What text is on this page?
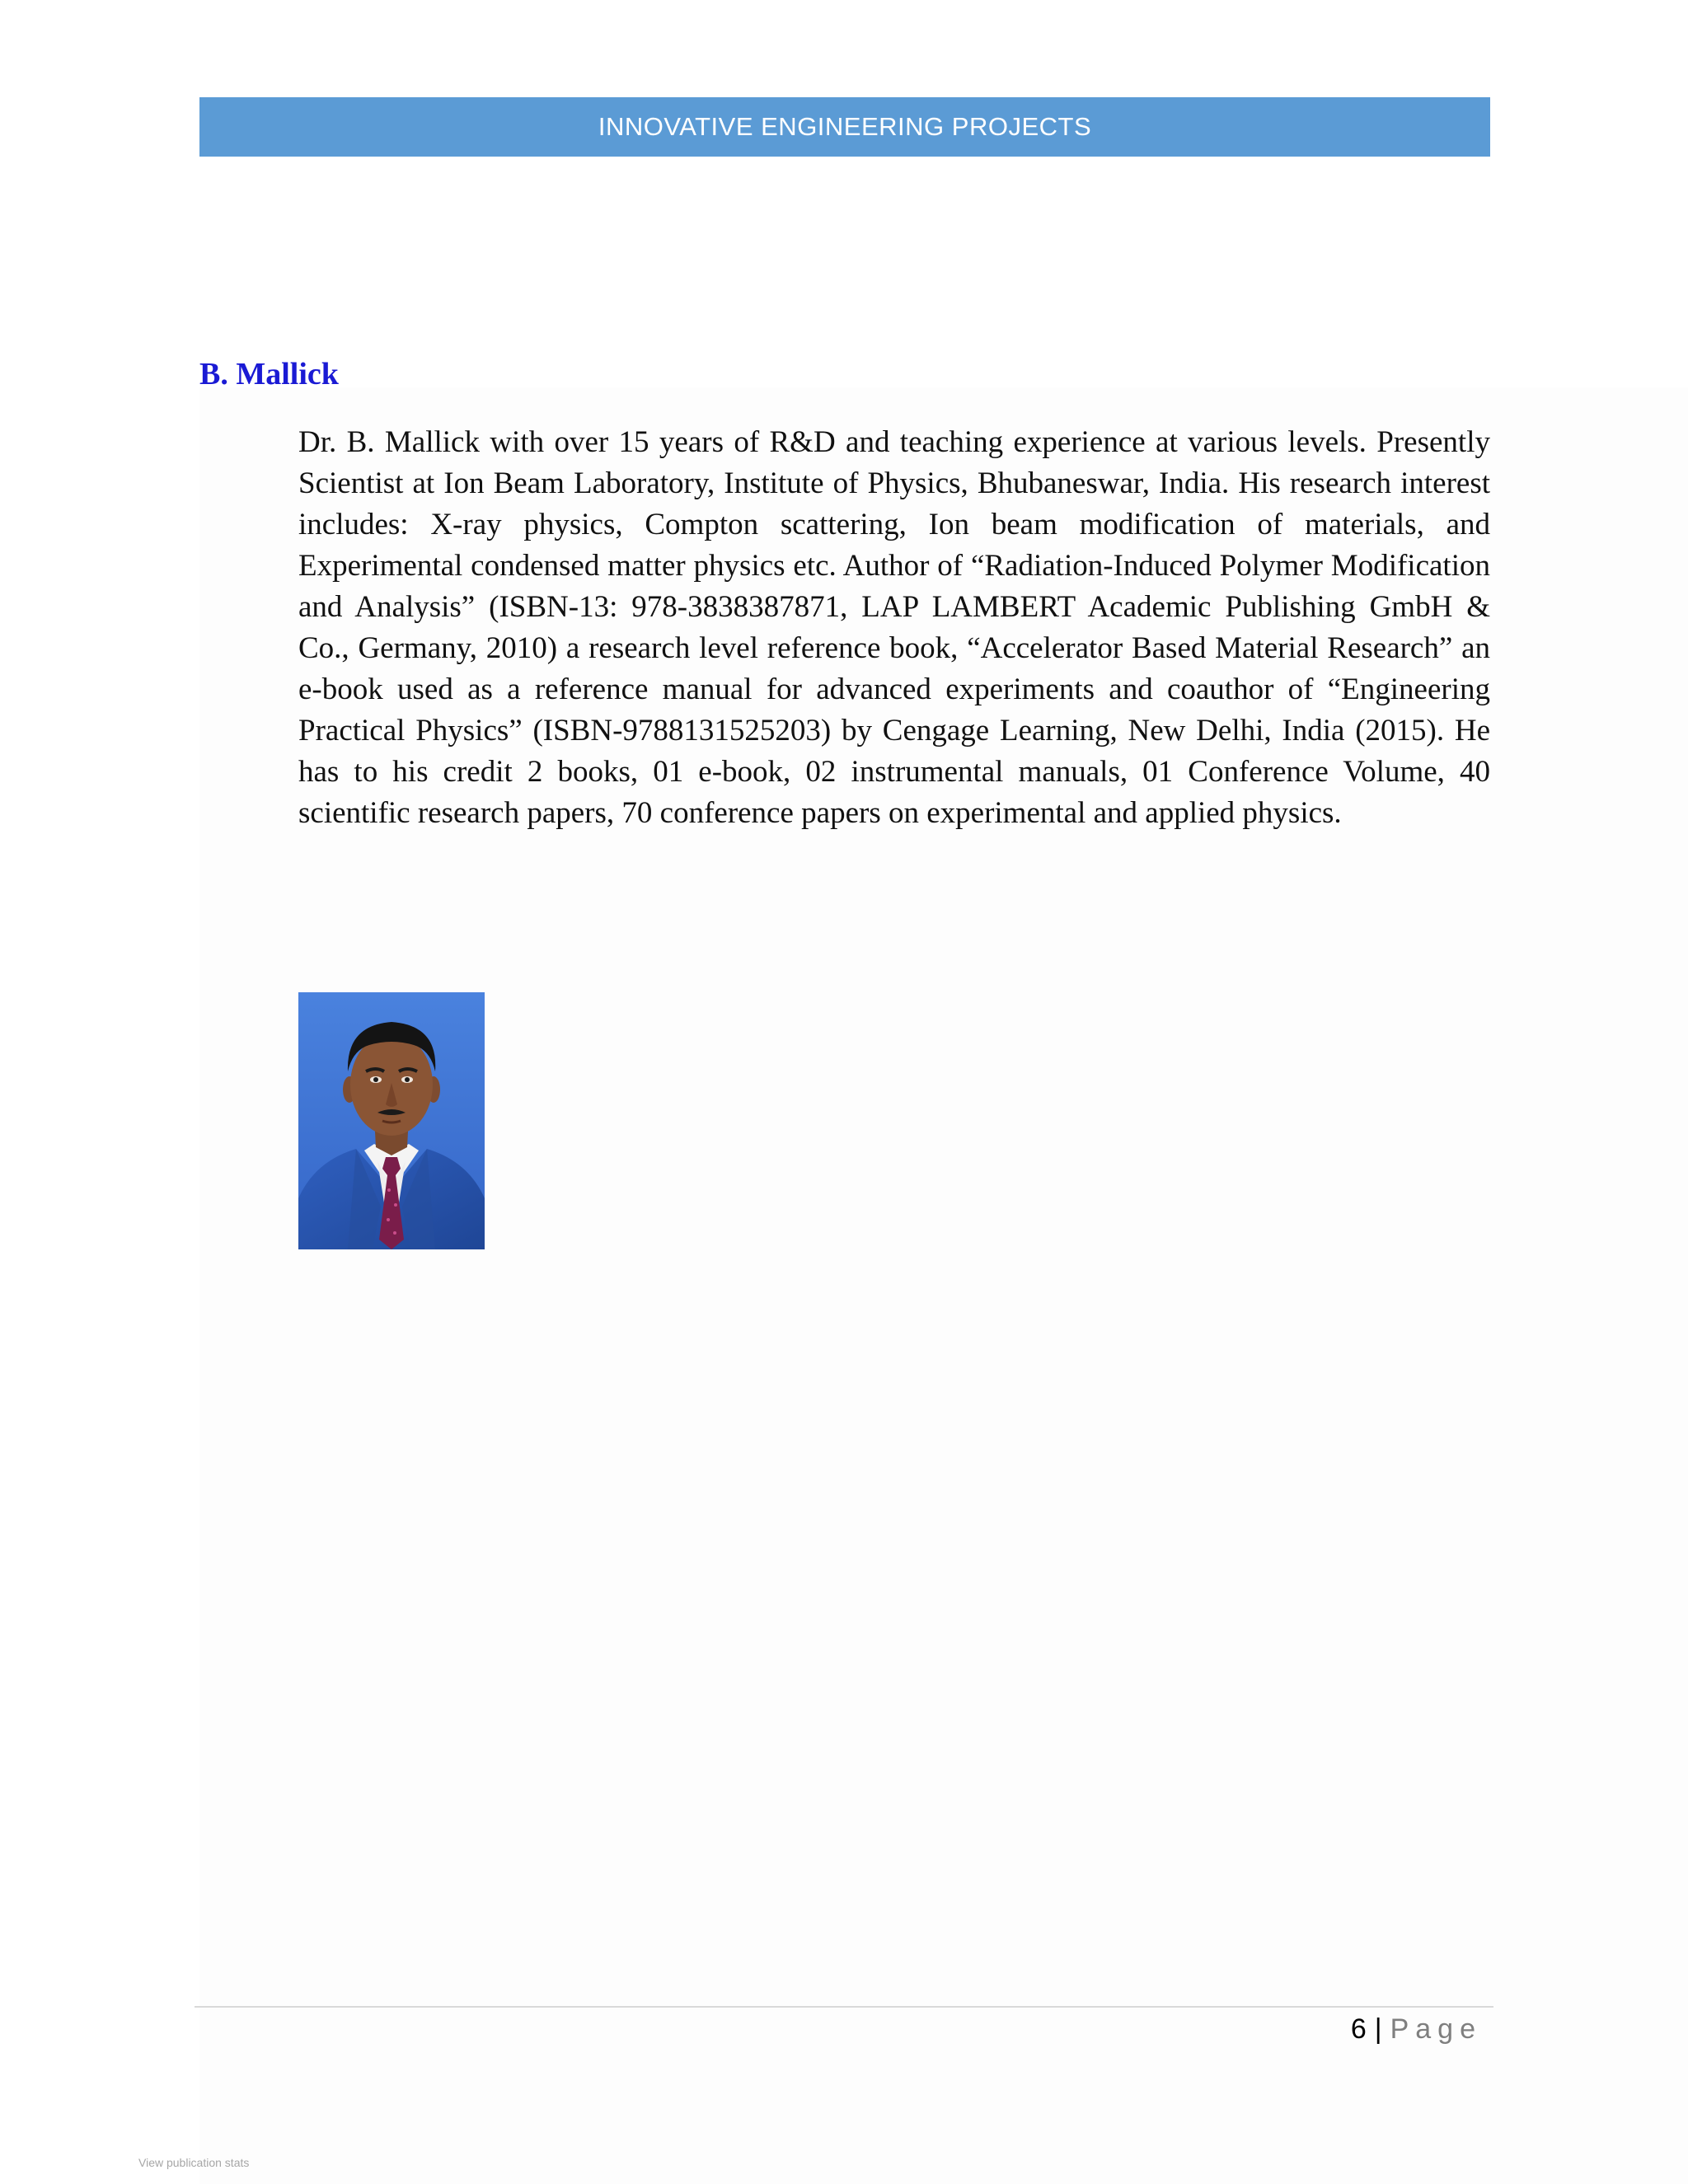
INNOVATIVE ENGINEERING PROJECTS
B. Mallick

Dr. B. Mallick with over 15 years of R&D and teaching experience at various levels. Presently Scientist at Ion Beam Laboratory, Institute of Physics, Bhubaneswar, India. His research interest includes: X-ray physics, Compton scattering, Ion beam modification of materials, and Experimental condensed matter physics etc. Author of “Radiation-Induced Polymer Modification and Analysis” (ISBN-13: 978-3838387871, LAP LAMBERT Academic Publishing GmbH & Co., Germany, 2010) a research level reference book, “Accelerator Based Material Research” an e-book used as a reference manual for advanced experiments and coauthor of “Engineering Practical Physics” (ISBN-9788131525203) by Cengage Learning, New Delhi, India (2015). He has to his credit 2 books, 01 e-book, 02 instrumental manuals, 01 Conference Volume, 40 scientific research papers, 70 conference papers on experimental and applied physics.

6 | Page
View publication stats
